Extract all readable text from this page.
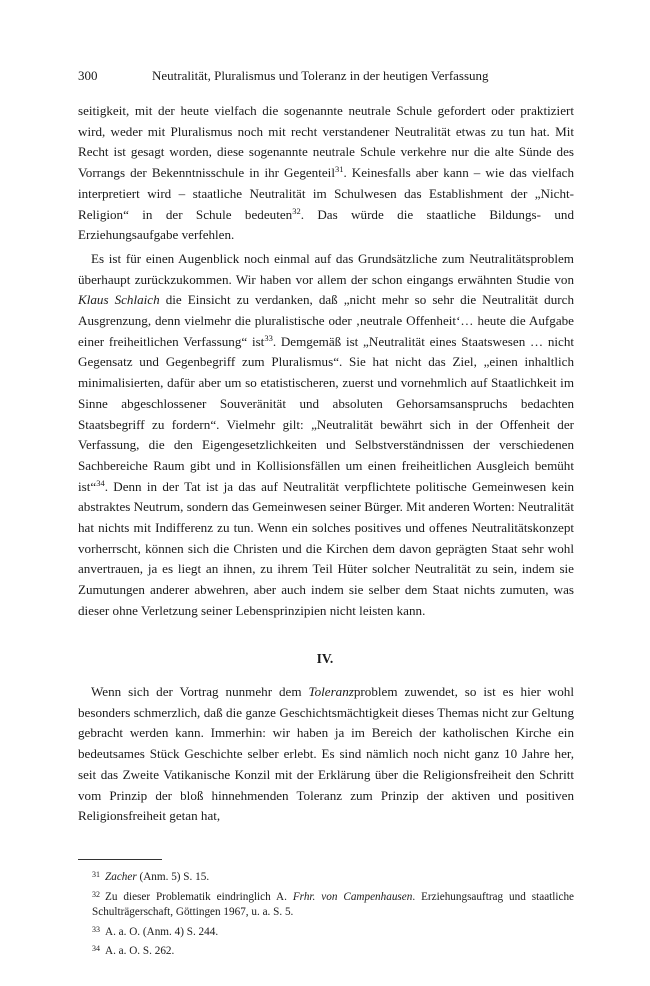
300	Neutralität, Pluralismus und Toleranz in der heutigen Verfassung

seitigkeit, mit der heute vielfach die sogenannte neutrale Schule gefordert oder praktiziert wird, weder mit Pluralismus noch mit recht verstandener Neutralität etwas zu tun hat. Mit Recht ist gesagt worden, diese sogenannte neutrale Schule verkehre nur die alte Sünde des Vorrangs der Bekenntnisschule in ihr Gegenteil$^{31}$. Keinesfalls aber kann – wie das vielfach interpretiert wird – staatliche Neutralität im Schulwesen das Establishment der „Nicht-Religion“ in der Schule bedeuten$^{32}$. Das würde die staatliche Bildungs- und Erziehungsaufgabe verfehlen.

Es ist für einen Augenblick noch einmal auf das Grundsätzliche zum Neutralitätsproblem überhaupt zurückzukommen. Wir haben vor allem der schon eingangs erwähnten Studie von Klaus Schlaich die Einsicht zu verdanken, daß „nicht mehr so sehr die Neutralität durch Ausgrenzung, denn vielmehr die pluralistische oder ‚neutrale Offenheit‘… heute die Aufgabe einer freiheitlichen Verfassung“ ist$^{33}$. Demgemäß ist „Neutralität eines Staatswesen … nicht Gegensatz und Gegenbegriff zum Pluralismus“. Sie hat nicht das Ziel, „einen inhaltlich minimalisierten, dafür aber um so etatistischeren, zuerst und vornehmlich auf Staatlichkeit im Sinne abgeschlossener Souveränität und absoluten Gehorsamsanspruchs bedachten Staatsbegriff zu fordern“. Vielmehr gilt: „Neutralität bewährt sich in der Offenheit der Verfassung, die den Eigengesetzlichkeiten und Selbstverständnissen der verschiedenen Sachbereiche Raum gibt und in Kollisionsfällen um einen freiheitlichen Ausgleich bemüht ist“$^{34}$. Denn in der Tat ist ja das auf Neutralität verpflichtete politische Gemeinwesen kein abstraktes Neutrum, sondern das Gemeinwesen seiner Bürger. Mit anderen Worten: Neutralität hat nichts mit Indifferenz zu tun. Wenn ein solches positives und offenes Neutralitätskonzept vorherrscht, können sich die Christen und die Kirchen dem davon geprägten Staat sehr wohl anvertrauen, ja es liegt an ihnen, zu ihrem Teil Hüter solcher Neutralität zu sein, indem sie Zumutungen anderer abwehren, aber auch indem sie selber dem Staat nichts zumuten, was dieser ohne Verletzung seiner Lebensprinzipien nicht leisten kann.

IV.

Wenn sich der Vortrag nunmehr dem Toleranzproblem zuwendet, so ist es hier wohl besonders schmerzlich, daß die ganze Geschichtsmächtigkeit dieses Themas nicht zur Geltung gebracht werden kann. Immerhin: wir haben ja im Bereich der katholischen Kirche ein bedeutsames Stück Geschichte selber erlebt. Es sind nämlich noch nicht ganz 10 Jahre her, seit das Zweite Vatikanische Konzil mit der Erklärung über die Religionsfreiheit den Schritt vom Prinzip der bloß hinnehmenden Toleranz zum Prinzip der aktiven und positiven Religionsfreiheit getan hat,

$^{31}$ Zacher (Anm. 5) S. 15.

$^{32}$ Zu dieser Problematik eindringlich A. Frhr. von Campenhausen. Erziehungsauftrag und staatliche Schulträgerschaft, Göttingen 1967, u. a. S. 5.

$^{33}$ A. a. O. (Anm. 4) S. 244.

$^{34}$ A. a. O. S. 262.
